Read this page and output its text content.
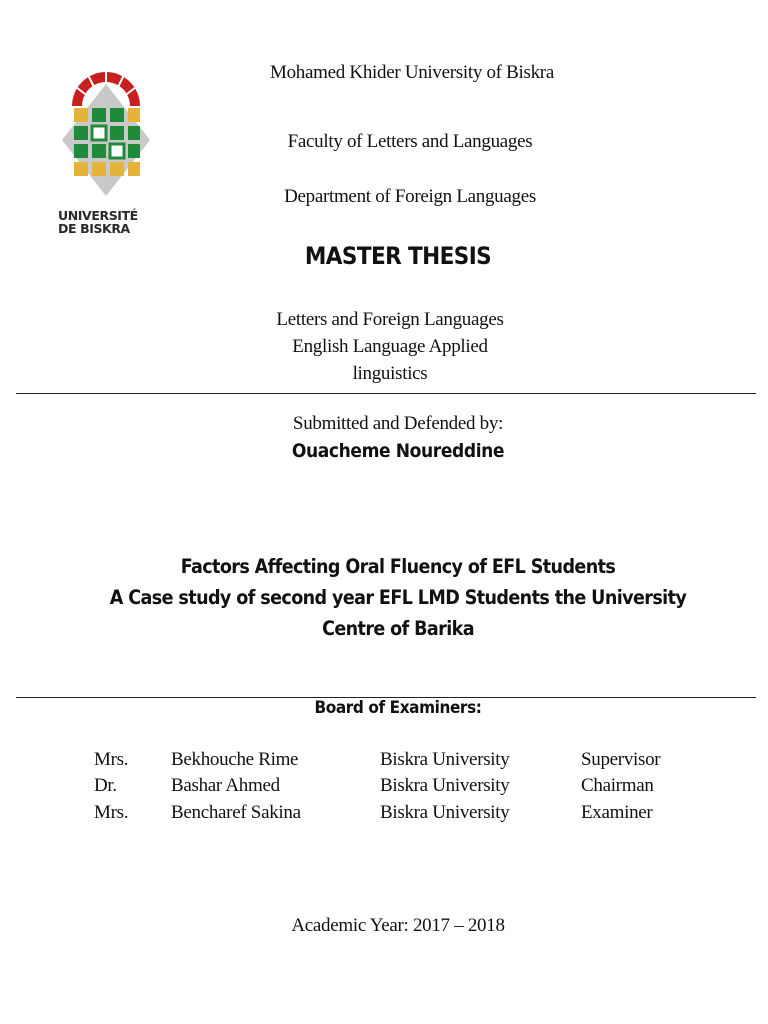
UNIVERSITÉ
DE BISKRA
Mohamed Khider University of Biskra
Faculty of Letters and Languages
Department of Foreign Languages
MASTER THESIS
Letters and Foreign Languages
English Language Applied
linguistics
Submitted and Defended by:
Ouacheme Noureddine
Factors Affecting Oral Fluency of EFL Students
A Case study of second year EFL LMD Students the University
Centre of Barika
Board of Examiners:
Mrs. Bekhouche Rime	Biskra University	Supervisor
Dr.	Bashar Ahmed	Biskra University	Chairman
Mrs. Bencharef Sakina	Biskra University	Examiner
Academic Year: 2017 – 2018
